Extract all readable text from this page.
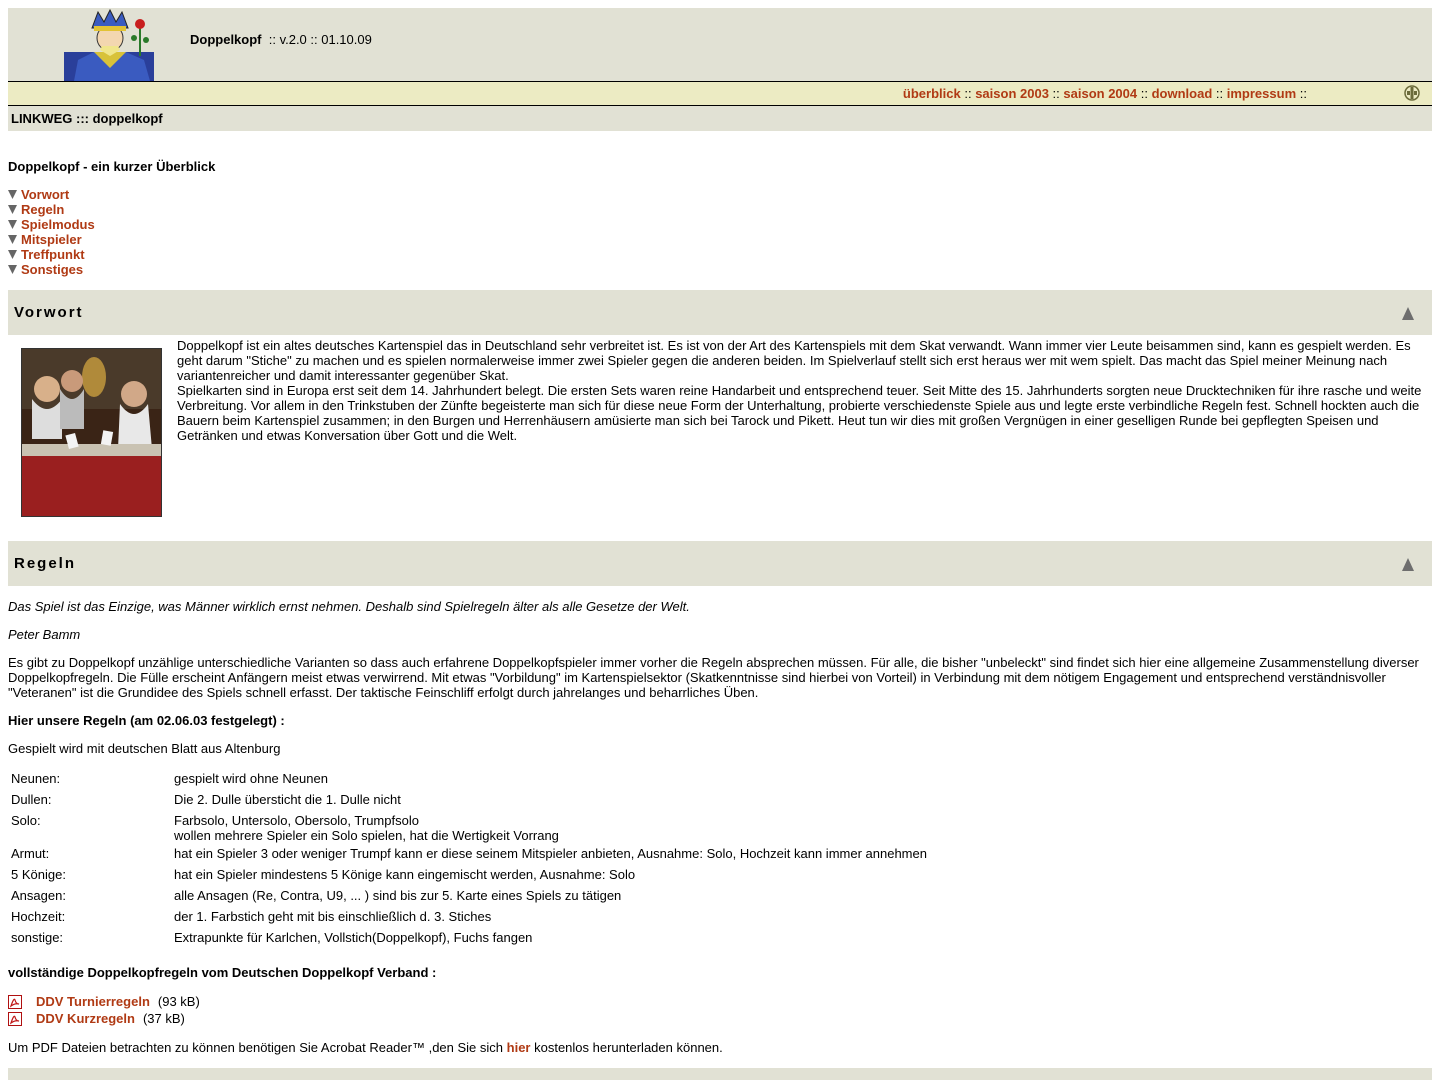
Doppelkopf :: v.2.0 :: 01.10.09
überblick :: saison 2003 :: saison 2004 :: download :: impressum ::
LINKWEG ::: doppelkopf
Doppelkopf - ein kurzer Überblick
Vorwort
Regeln
Spielmodus
Mitspieler
Treffpunkt
Sonstiges
Vorwort
Doppelkopf ist ein altes deutsches Kartenspiel das in Deutschland sehr verbreitet ist. Es ist von der Art des Kartenspiels mit dem Skat verwandt. Wann immer vier Leute beisammen sind, kann es gespielt werden. Es geht darum "Stiche" zu machen und es spielen normalerweise immer zwei Spieler gegen die anderen beiden. Im Spielverlauf stellt sich erst heraus wer mit wem spielt. Das macht das Spiel meiner Meinung nach variantenreicher und damit interessanter gegenüber Skat.
Spielkarten sind in Europa erst seit dem 14. Jahrhundert belegt. Die ersten Sets waren reine Handarbeit und entsprechend teuer. Seit Mitte des 15. Jahrhunderts sorgten neue Drucktechniken für ihre rasche und weite Verbreitung. Vor allem in den Trinkstuben der Zünfte begeisterte man sich für diese neue Form der Unterhaltung, probierte verschiedenste Spiele aus und legte erste verbindliche Regeln fest. Schnell hockten auch die Bauern beim Kartenspiel zusammen; in den Burgen und Herrenhäusern amüsierte man sich bei Tarock und Pikett. Heut tun wir dies mit großen Vergnügen in einer geselligen Runde bei gepflegten Speisen und Getränken und etwas Konversation über Gott und die Welt.
Regeln
Das Spiel ist das Einzige, was Männer wirklich ernst nehmen. Deshalb sind Spielregeln älter als alle Gesetze der Welt.
Peter Bamm
Es gibt zu Doppelkopf unzählige unterschiedliche Varianten so dass auch erfahrene Doppelkopfspieler immer vorher die Regeln absprechen müssen. Für alle, die bisher "unbeleckt" sind findet sich hier eine allgemeine Zusammenstellung diverser Doppelkopfregeln. Die Fülle erscheint Anfängern meist etwas verwirrend. Mit etwas "Vorbildung" im Kartenspielsektor (Skatkenntnisse sind hierbei von Vorteil) in Verbindung mit dem nötigem Engagement und entsprechend verständnisvoller "Veteranen" ist die Grundidee des Spiels schnell erfasst. Der taktische Feinschliff erfolgt durch jahrelanges und beharrliches Üben.
Hier unsere Regeln (am 02.06.03 festgelegt) :
Gespielt wird mit deutschen Blatt aus Altenburg
Neunen:	gespielt wird ohne Neunen
Dullen:	Die 2. Dulle übersticht die 1. Dulle nicht
Solo:	Farbsolo, Untersolo, Obersolo, Trumpfsolo
wollen mehrere Spieler ein Solo spielen, hat die Wertigkeit Vorrang

Armut:	hat ein Spieler 3 oder weniger Trumpf kann er diese seinem Mitspieler anbieten, Ausnahme: Solo, Hochzeit kann immer annehmen
5 Könige:	hat ein Spieler mindestens 5 Könige kann eingemischt werden, Ausnahme: Solo
Ansagen:	alle Ansagen (Re, Contra, U9, ... ) sind bis zur 5. Karte eines Spiels zu tätigen
Hochzeit:	der 1. Farbstich geht mit bis einschließlich d. 3. Stiches
sonstige:	Extrapunkte für Karlchen, Vollstich(Doppelkopf), Fuchs fangen
vollständige Doppelkopfregeln vom Deutschen Doppelkopf Verband :
DDV Turnierregeln (93 kB)
DDV Kurzregeln (37 kB)
Um PDF Dateien betrachten zu können benötigen Sie Acrobat Reader™ ,den Sie sich hier kostenlos herunterladen können.
